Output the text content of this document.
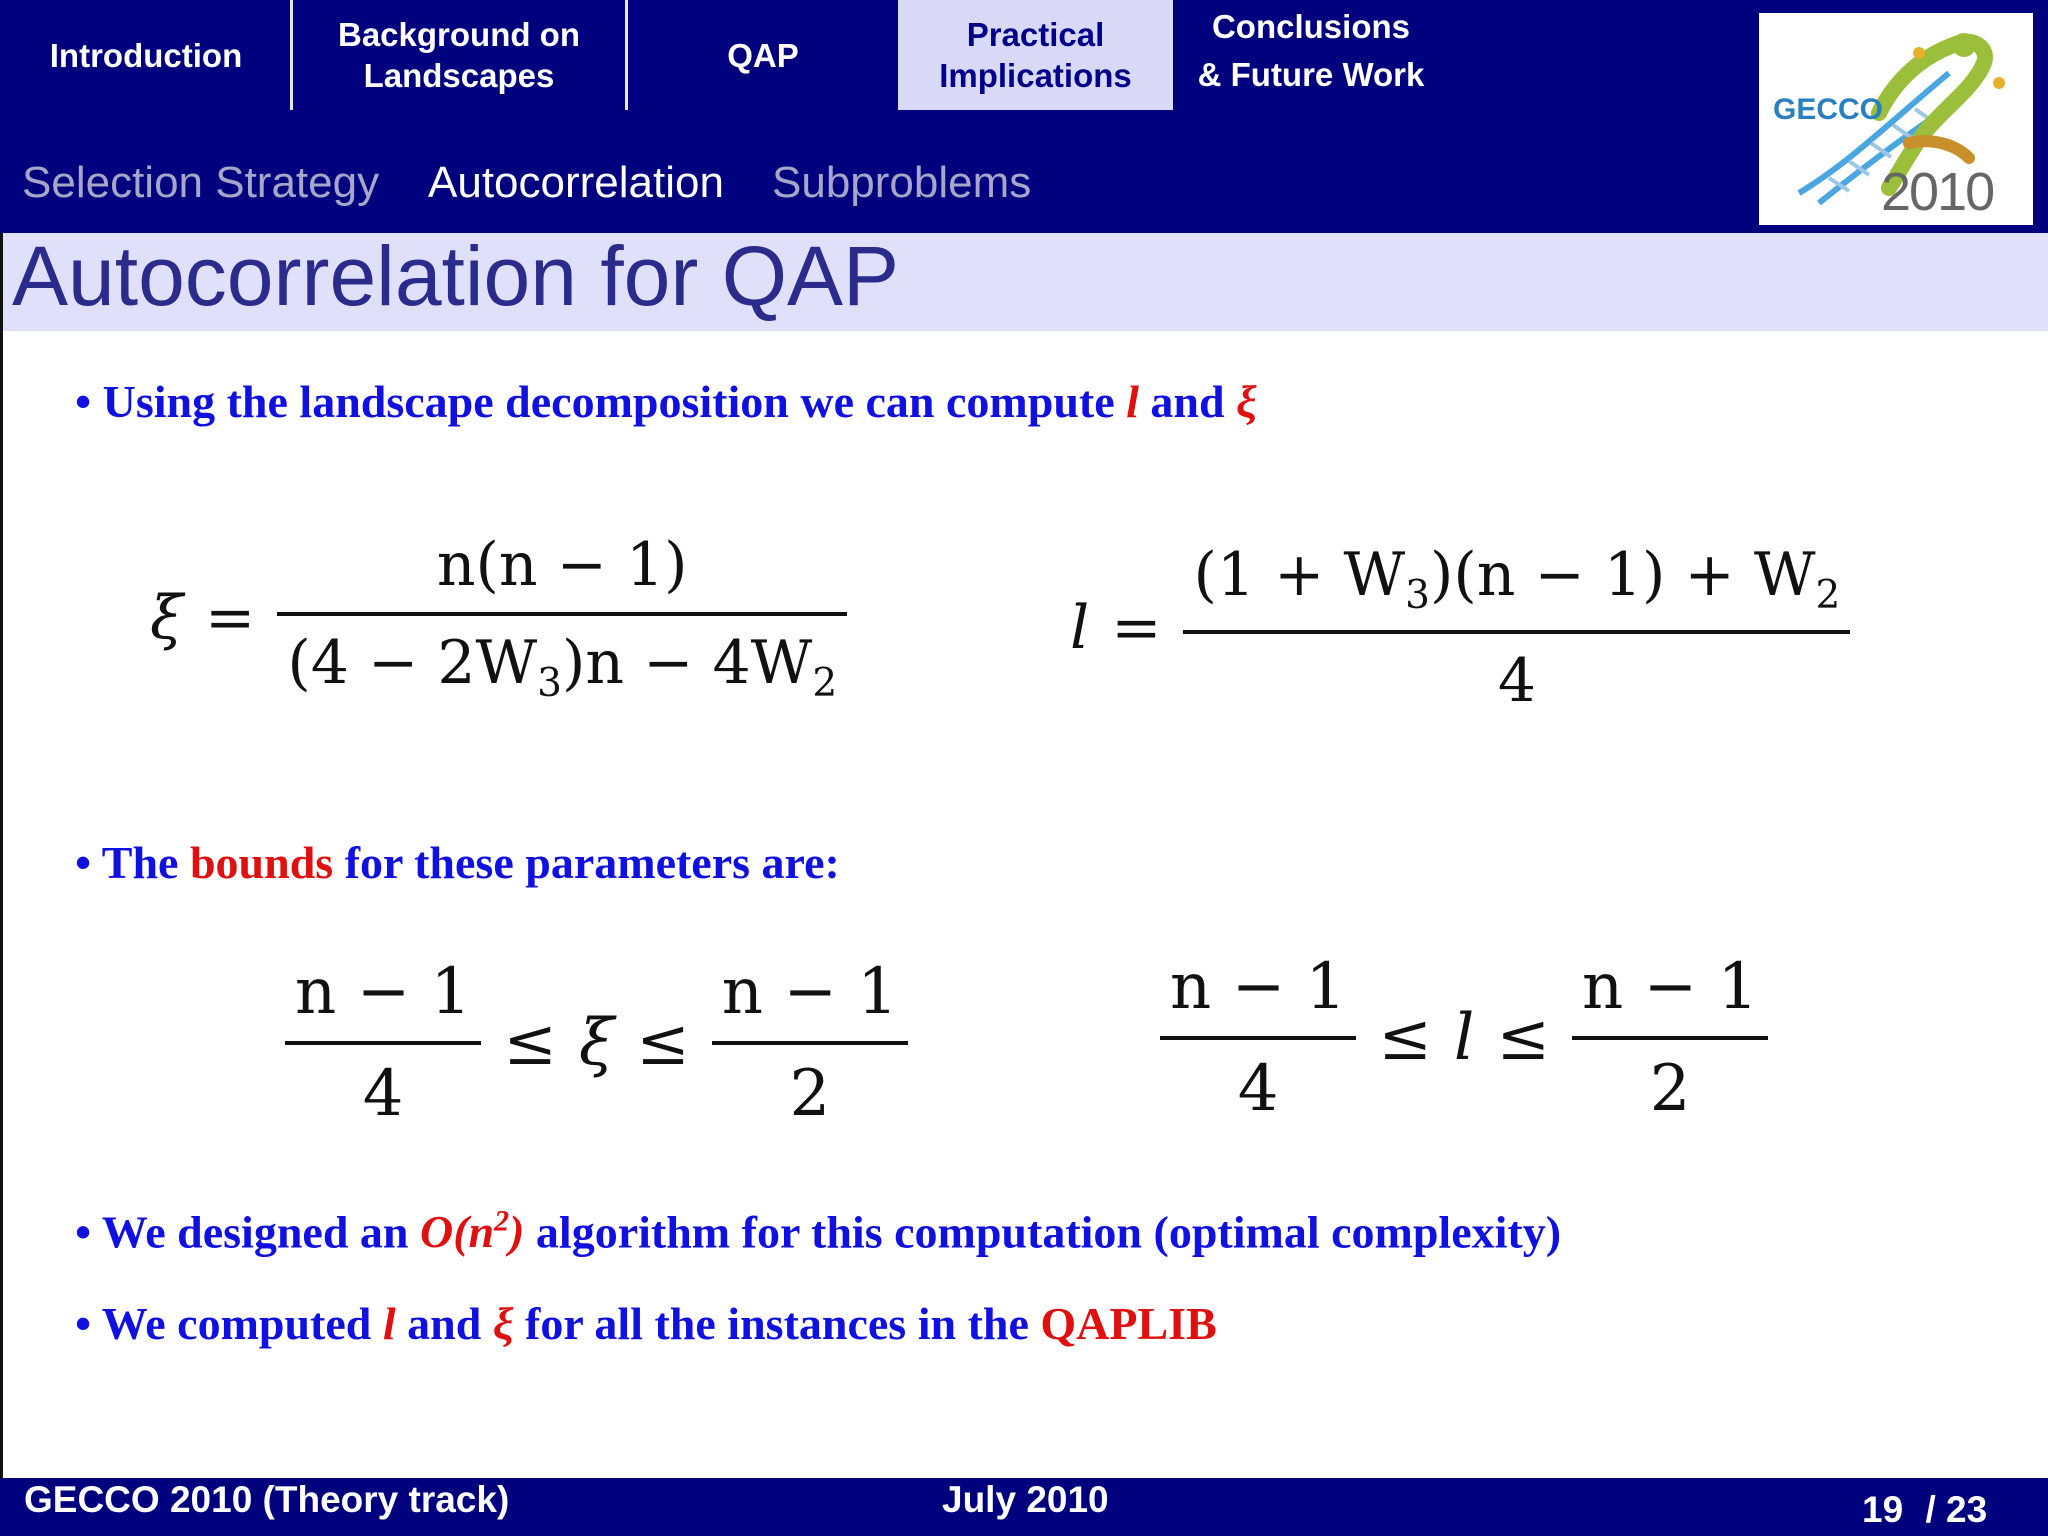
Introduction
Background on
Landscapes
QAP
Practical
Implications
Conclusions
& Future Work
Selection Strategy Autocorrelation Subproblems
GECCO
2010
Autocorrelation for QAP
• Using the landscape decomposition we can compute l and ξ
$\xi = \frac{n(n - 1)}{(4 - 2W_3)n - 4W_2}$	$l = \frac{(1 + W_3)(n - 1) + W_2}{4}$
• The bounds for these parameters are:
$\frac{n - 1}{4} \le \xi \le \frac{n - 1}{2}$	$\frac{n - 1}{4} \le l \le \frac{n - 1}{2}$
• We designed an $O(n^2)$ algorithm for this computation (optimal complexity)
• We computed l and ξ for all the instances in the QAPLIB
GECCO 2010 (Theory track)	July 2010	19 / 23
